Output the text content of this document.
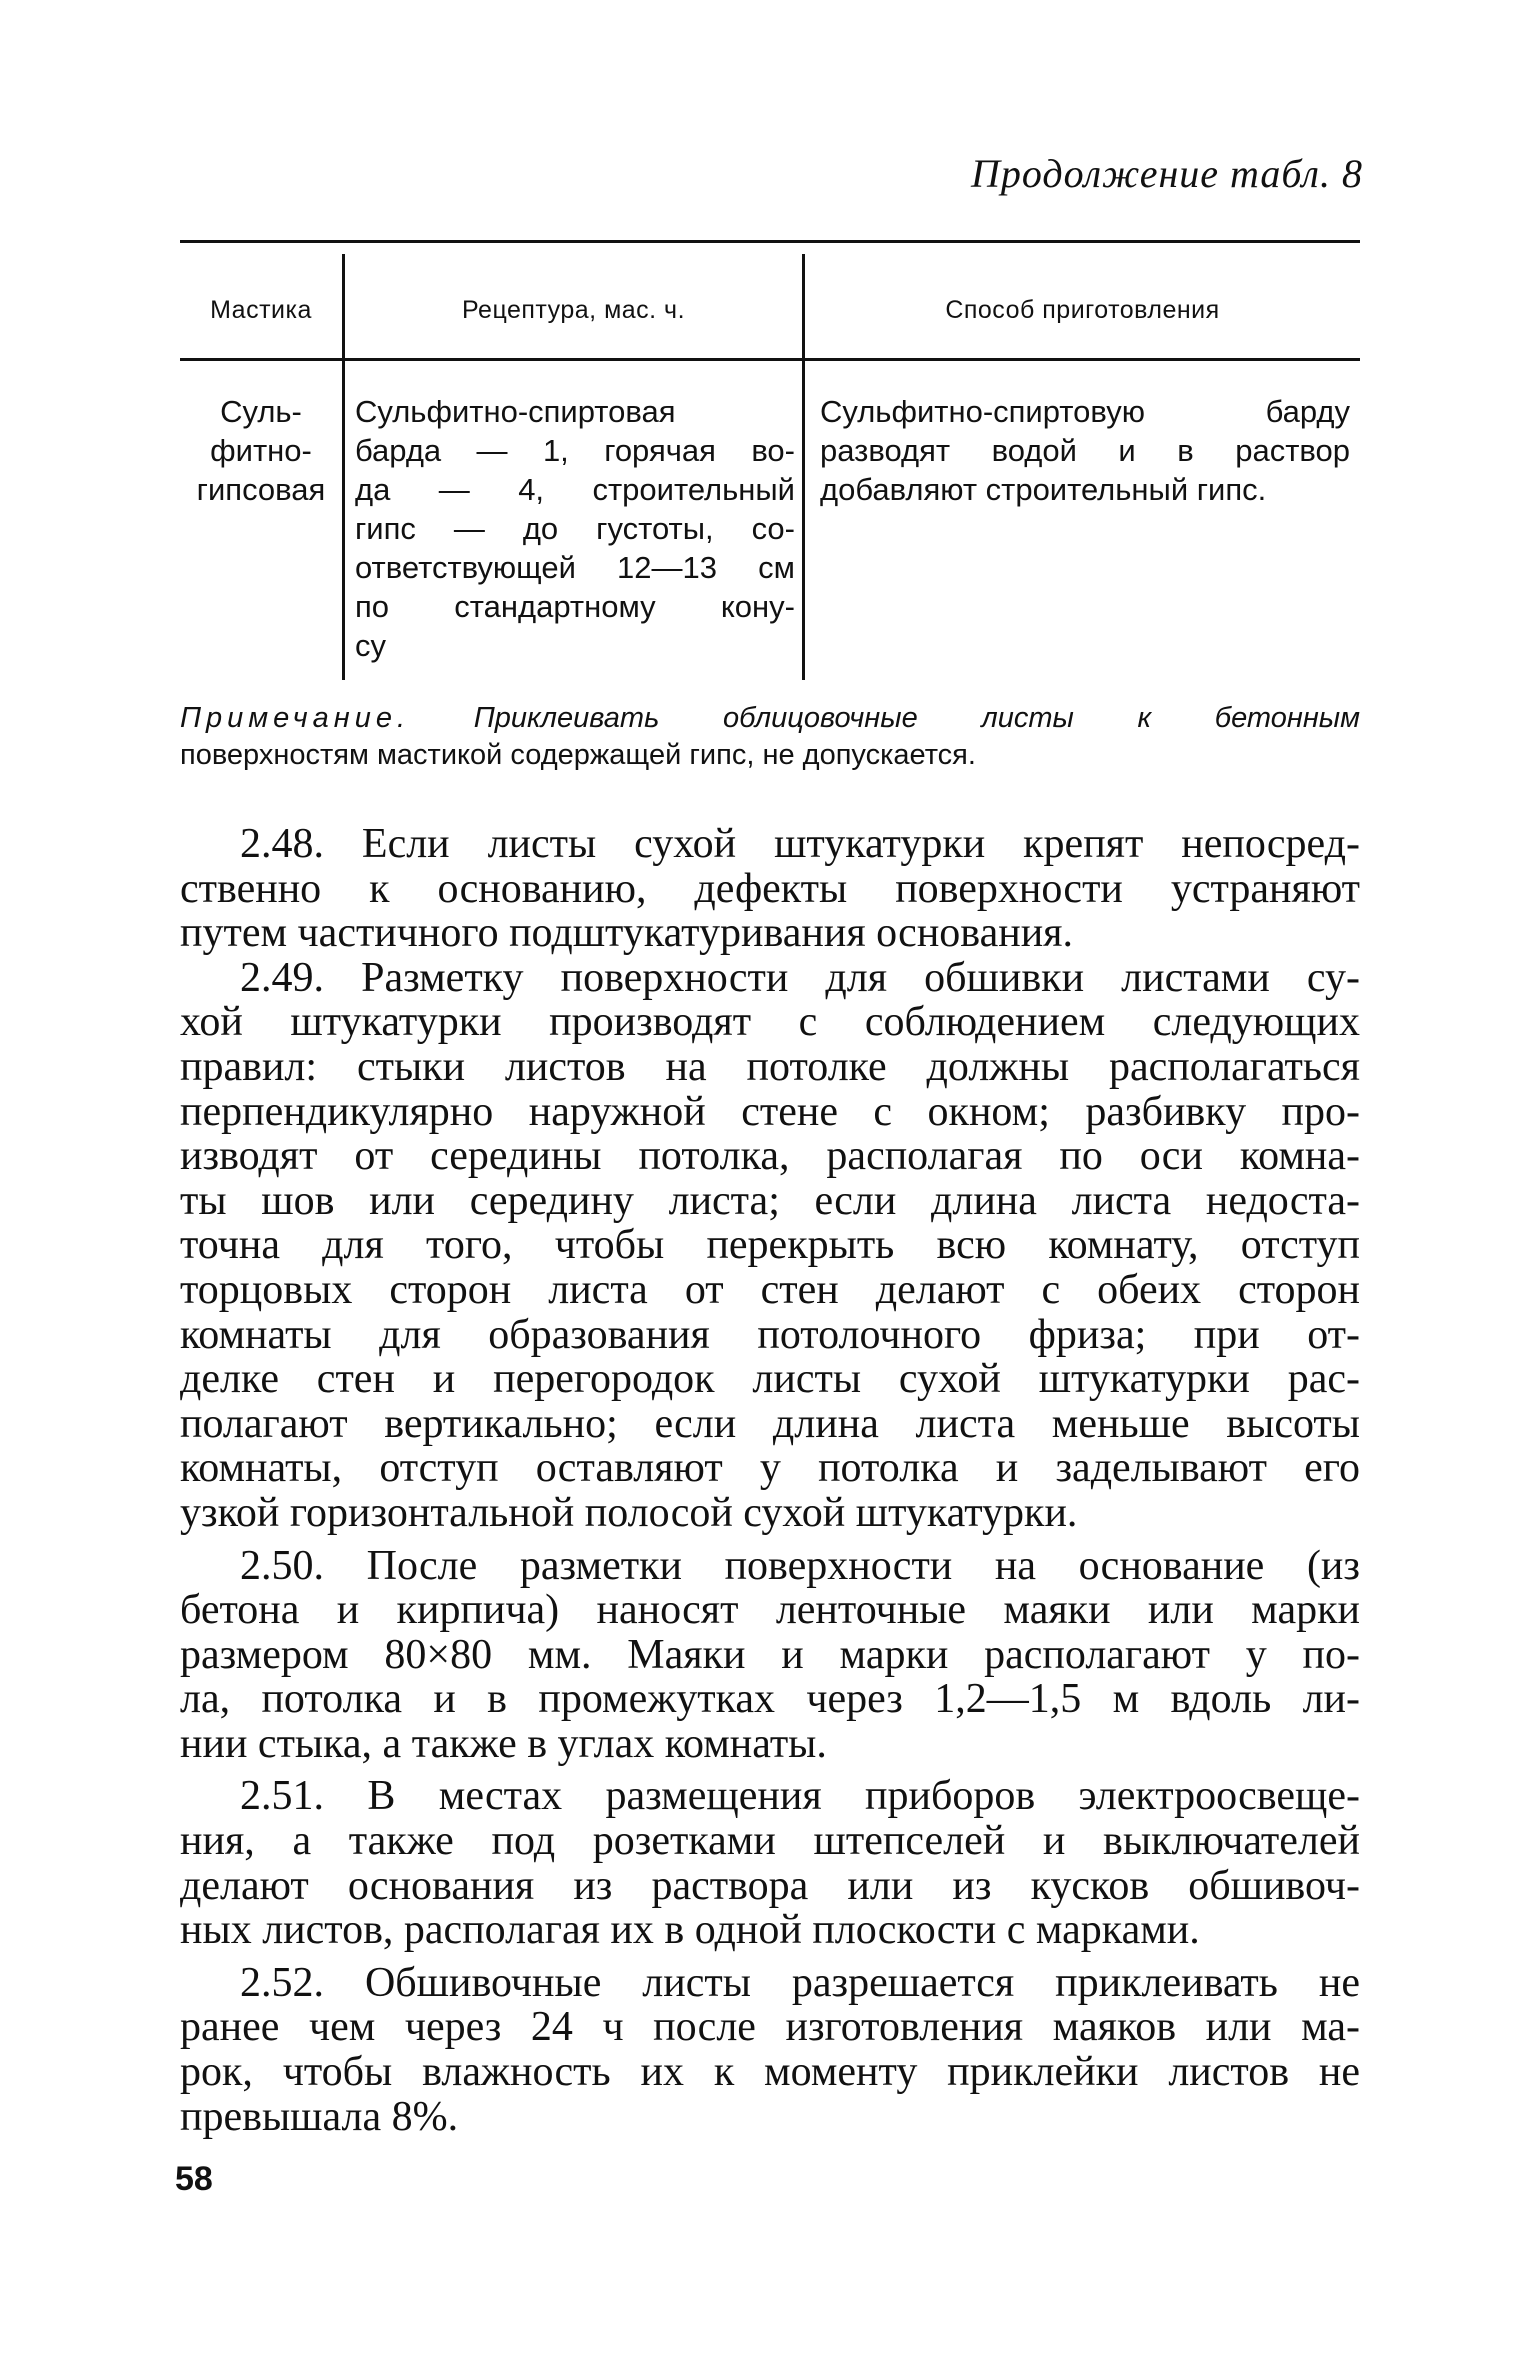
Продолжение табл. 8
Мастика	Рецептура, мас. ч.	Способ приготовления
Суль-
фитно-
гипсовая
Сульфитно-спиртовая
барда — 1, горячая во-
да — 4, строительный
гипс — до густоты, со-
ответствующей 12—13 см
по стандартному кону-
су
Сульфитно-спиртовую барду
разводят водой и в раствор
добавляют строительный гипс.
Примечание. Приклеивать облицовочные листы к бетонным
поверхностям мастикой содержащей гипс, не допускается.
2.48. Если листы сухой штукатурки крепят непосред-
ственно к основанию, дефекты поверхности устраняют
путем частичного подштукатуривания основания.
2.49. Разметку поверхности для обшивки листами су-
хой штукатурки производят с соблюдением следующих
правил: стыки листов на потолке должны располагаться
перпендикулярно наружной стене с окном; разбивку про-
изводят от середины потолка, располагая по оси комна-
ты шов или середину листа; если длина листа недоста-
точна для того, чтобы перекрыть всю комнату, отступ
торцовых сторон листа от стен делают с обеих сторон
комнаты для образования потолочного фриза; при от-
делке стен и перегородок листы сухой штукатурки рас-
полагают вертикально; если длина листа меньше высоты
комнаты, отступ оставляют у потолка и заделывают его
узкой горизонтальной полосой сухой штукатурки.
2.50. После разметки поверхности на основание (из
бетона и кирпича) наносят ленточные маяки или марки
размером 80×80 мм. Маяки и марки располагают у по-
ла, потолка и в промежутках через 1,2—1,5 м вдоль ли-
нии стыка, а также в углах комнаты.
2.51. В местах размещения приборов электроосвеще-
ния, а также под розетками штепселей и выключателей
делают основания из раствора или из кусков обшивоч-
ных листов, располагая их в одной плоскости с марками.
2.52. Обшивочные листы разрешается приклеивать не
ранее чем через 24 ч после изготовления маяков или ма-
рок, чтобы влажность их к моменту приклейки листов не
превышала 8%.
58
